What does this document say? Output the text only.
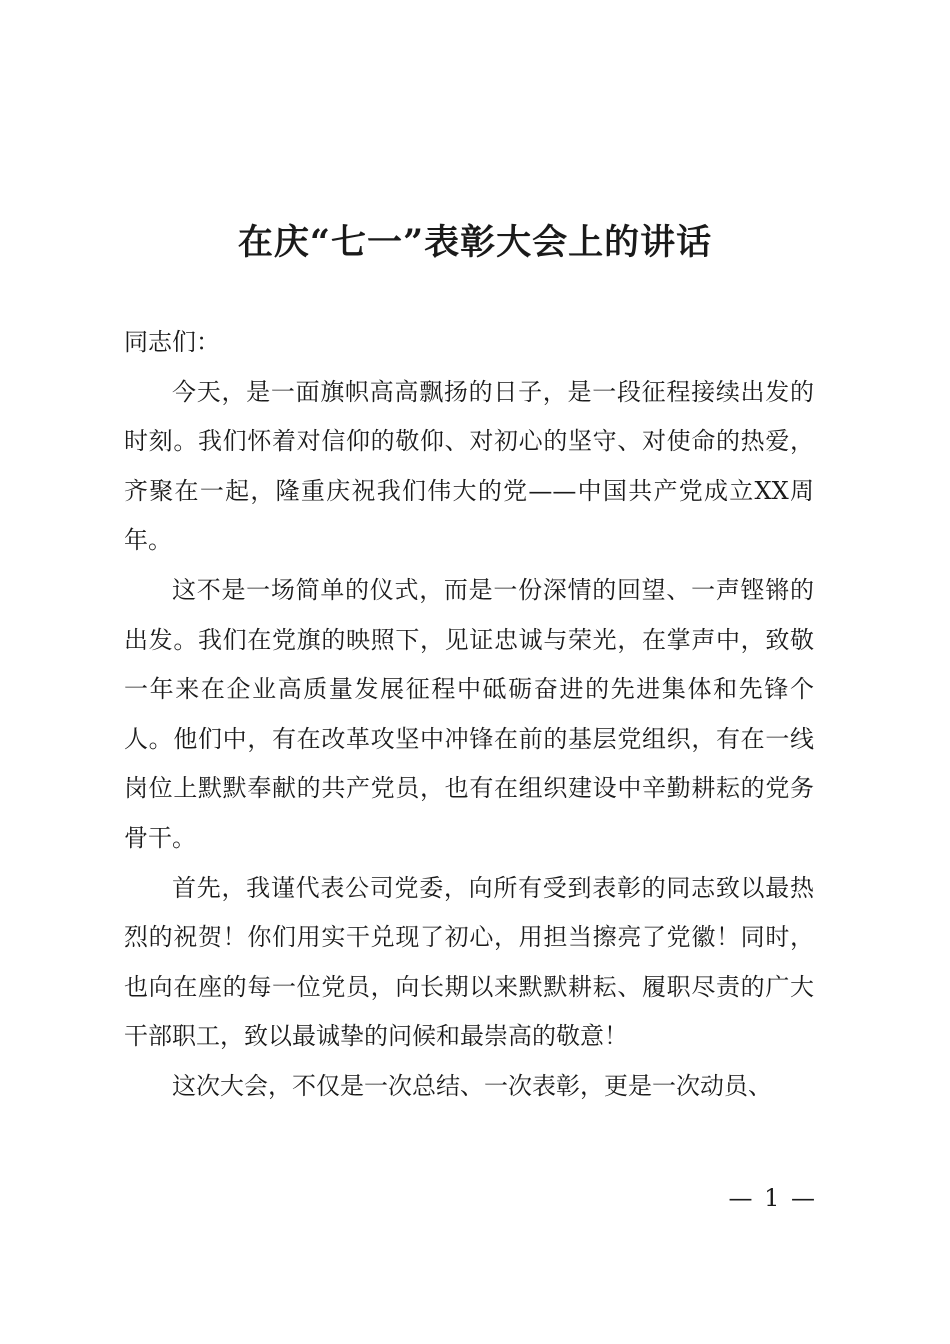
在庆“七一”表彰大会上的讲话

同志们：

今天，是一面旗帜高高飘扬的日子，是一段征程接续出发的时刻。我们怀着对信仰的敬仰、对初心的坚守、对使命的热爱，齐聚在一起，隆重庆祝我们伟大的党——中国共产党成立XX周年。

这不是一场简单的仪式，而是一份深情的回望、一声铿锵的出发。我们在党旗的映照下，见证忠诚与荣光，在掌声中，致敬一年来在企业高质量发展征程中砥砺奋进的先进集体和先锋个人。他们中，有在改革攻坚中冲锋在前的基层党组织，有在一线岗位上默默奉献的共产党员，也有在组织建设中辛勤耕耘的党务骨干。

首先，我谨代表公司党委，向所有受到表彰的同志致以最热烈的祝贺！你们用实干兑现了初心，用担当擦亮了党徽！同时，也向在座的每一位党员，向长期以来默默耕耘、履职尽责的广大干部职工，致以最诚挚的问候和最崇高的敬意！

这次大会，不仅是一次总结、一次表彰，更是一次动员、

— 1 —
